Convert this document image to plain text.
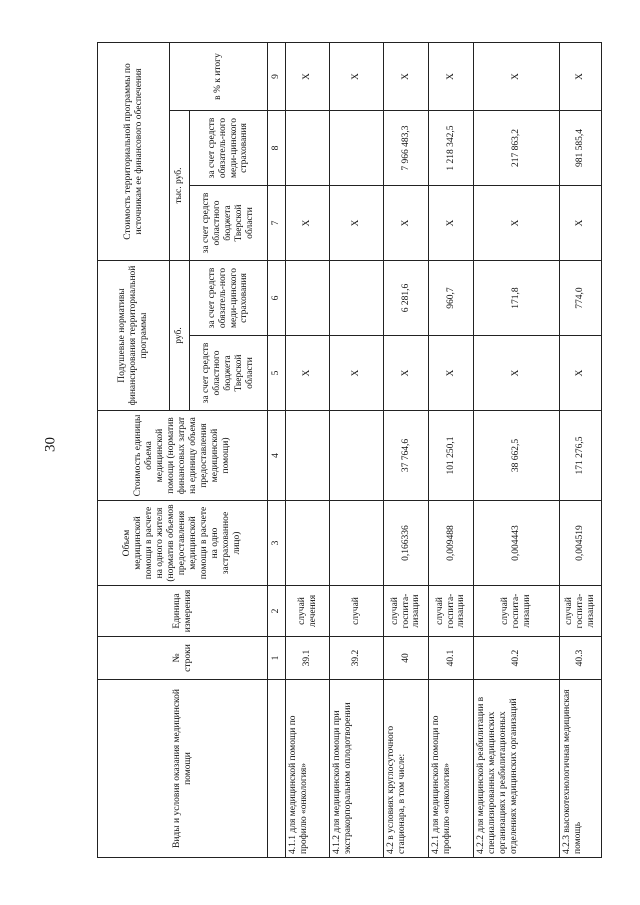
30
Виды и условия оказания медицинской помощи	№ строки	Единица измерения	Объем медицинской помощи в расчете на одного жителя (норматив объемов предоставления медицинской помощи в расчете на одно застрахованное лицо)	Стоимость единицы объема медицинской помощи (норматив финансовых затрат на единицу объема предоставления медицинской помощи)	Подушевые нормативы финансирования территориальной программы		Стоимость территориальной программы по источникам ее финансового обеспечения		
					руб.		тыс. руб.		в % к итогу
					за счет средств областного бюджета Тверской области	за счет средств обязатель-ного меди-цинского страхования	за счет средств областного бюджета Тверской области	за счет средств обязатель-ного меди-цинского страхования	
	1	2	3	4	5	6	7	8	9
4.1.1 для медицинской помощи по профилю «онкология»	39.1	случай лечения			X		X		X
4.1.2 для медицинской помощи при экстракорпоральном оплодотворении	39.2	случай			X		X		X
4.2 в условиях круглосуточного стационара, в том числе:	40	случай госпита-лизации	0,166336	37 764,6	X	6 281,6	X	7 966 483,3	X
4.2.1 для медицинской помощи по профилю «онкология»	40.1	случай госпита-лизации	0,009488	101 250,1	X	960,7	X	1 218 342,5	X
4.2.2 для медицинской реабилитации в специализированных медицинских организациях и реабилитационных отделениях медицинских организаций	40.2	случай госпита-лизации	0,004443	38 662,5	X	171,8	X	217 863,2	X
4.2.3 высокотехнологичная медицинская помощь	40.3	случай госпита-лизации	0,004519	171 276,5	X	774,0	X	981 585,4	X
